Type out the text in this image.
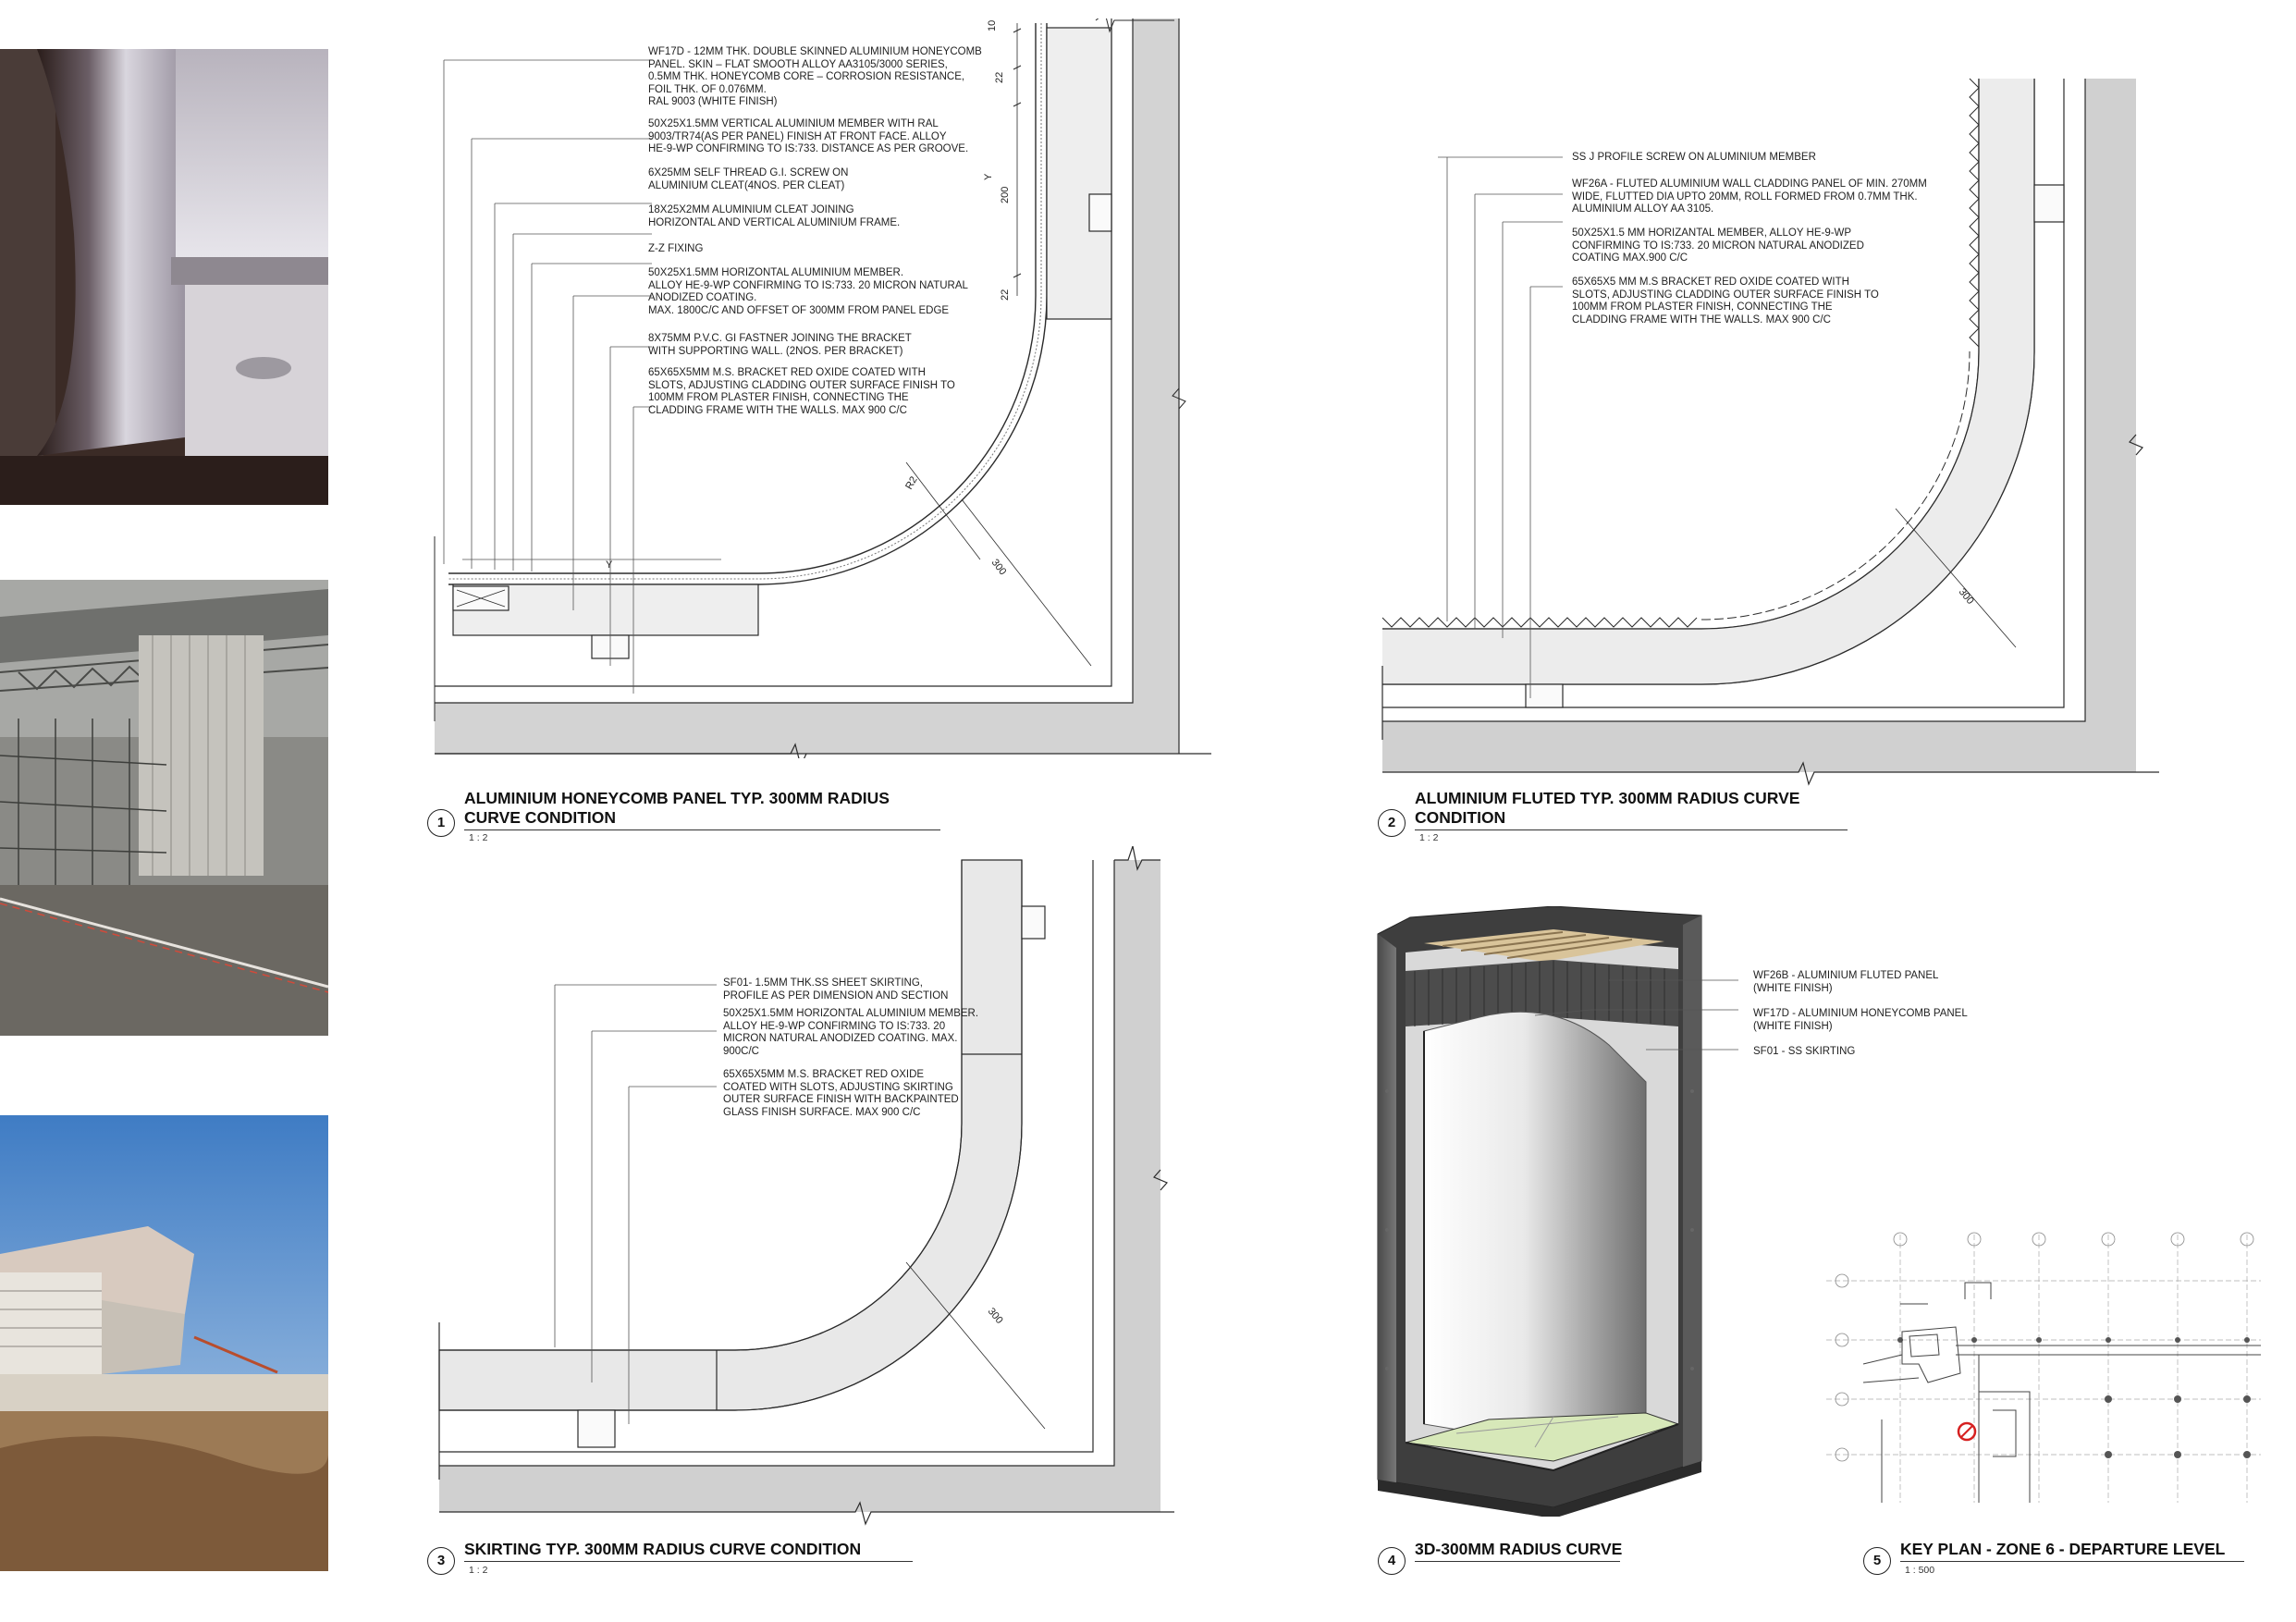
10
22
Y
200
22
R2
300
Y
WF17D - 12MM THK. DOUBLE SKINNED ALUMINIUM HONEYCOMB
PANEL. SKIN – FLAT SMOOTH ALLOY AA3105/3000 SERIES,
0.5MM THK. HONEYCOMB CORE – CORROSION RESISTANCE,
FOIL THK. OF 0.076MM.
RAL 9003 (WHITE FINISH)
50X25X1.5MM VERTICAL ALUMINIUM MEMBER WITH RAL
9003/TR74(AS PER PANEL) FINISH AT FRONT FACE. ALLOY
HE-9-WP CONFIRMING TO IS:733. DISTANCE AS PER GROOVE.
6X25MM SELF THREAD G.I. SCREW ON
ALUMINIUM CLEAT(4NOS. PER CLEAT)
18X25X2MM ALUMINIUM CLEAT JOINING
HORIZONTAL AND VERTICAL ALUMINIUM FRAME.
Z-Z FIXING
50X25X1.5MM HORIZONTAL ALUMINIUM MEMBER.
ALLOY HE-9-WP CONFIRMING TO IS:733. 20 MICRON NATURAL
ANODIZED COATING.
MAX. 1800C/C AND OFFSET OF 300MM FROM PANEL EDGE
8X75MM P.V.C. GI FASTNER JOINING THE BRACKET
WITH SUPPORTING WALL. (2NOS. PER BRACKET)
65X65X5MM M.S. BRACKET RED OXIDE COATED WITH
SLOTS, ADJUSTING CLADDING OUTER SURFACE FINISH TO
100MM FROM PLASTER FINISH, CONNECTING THE
CLADDING FRAME WITH THE WALLS. MAX 900 C/C
1
ALUMINIUM HONEYCOMB PANEL TYP. 300MM RADIUS
CURVE CONDITION
1 : 2
300
SS J PROFILE SCREW ON ALUMINIUM MEMBER
WF26A - FLUTED ALUMINIUM WALL CLADDING PANEL OF MIN. 270MM
WIDE, FLUTTED DIA UPTO 20MM, ROLL FORMED FROM 0.7MM THK.
ALUMINIUM ALLOY AA 3105.
50X25X1.5 MM HORIZANTAL MEMBER, ALLOY HE-9-WP
CONFIRMING TO IS:733. 20 MICRON NATURAL ANODIZED
COATING MAX.900 C/C
65X65X5 MM M.S BRACKET RED OXIDE COATED WITH
SLOTS, ADJUSTING CLADDING OUTER SURFACE FINISH TO
100MM FROM PLASTER FINISH, CONNECTING THE
CLADDING FRAME WITH THE WALLS. MAX 900 C/C
2
ALUMINIUM FLUTED TYP. 300MM RADIUS CURVE
CONDITION
1 : 2
300
SF01- 1.5MM THK.SS SHEET SKIRTING,
PROFILE AS PER DIMENSION AND SECTION
50X25X1.5MM HORIZONTAL ALUMINIUM MEMBER.
ALLOY HE-9-WP CONFIRMING TO IS:733. 20
MICRON NATURAL ANODIZED COATING. MAX.
900C/C
65X65X5MM M.S. BRACKET RED OXIDE
COATED WITH SLOTS, ADJUSTING SKIRTING
OUTER SURFACE FINISH WITH BACKPAINTED
GLASS FINISH SURFACE. MAX 900 C/C
3
SKIRTING TYP. 300MM RADIUS CURVE CONDITION
1 : 2
WF26B - ALUMINIUM FLUTED PANEL
(WHITE FINISH)
WF17D - ALUMINIUM HONEYCOMB PANEL
(WHITE FINISH)
SF01 - SS SKIRTING
4
3D-300MM RADIUS CURVE
5
KEY PLAN - ZONE 6 - DEPARTURE LEVEL
1 : 500
